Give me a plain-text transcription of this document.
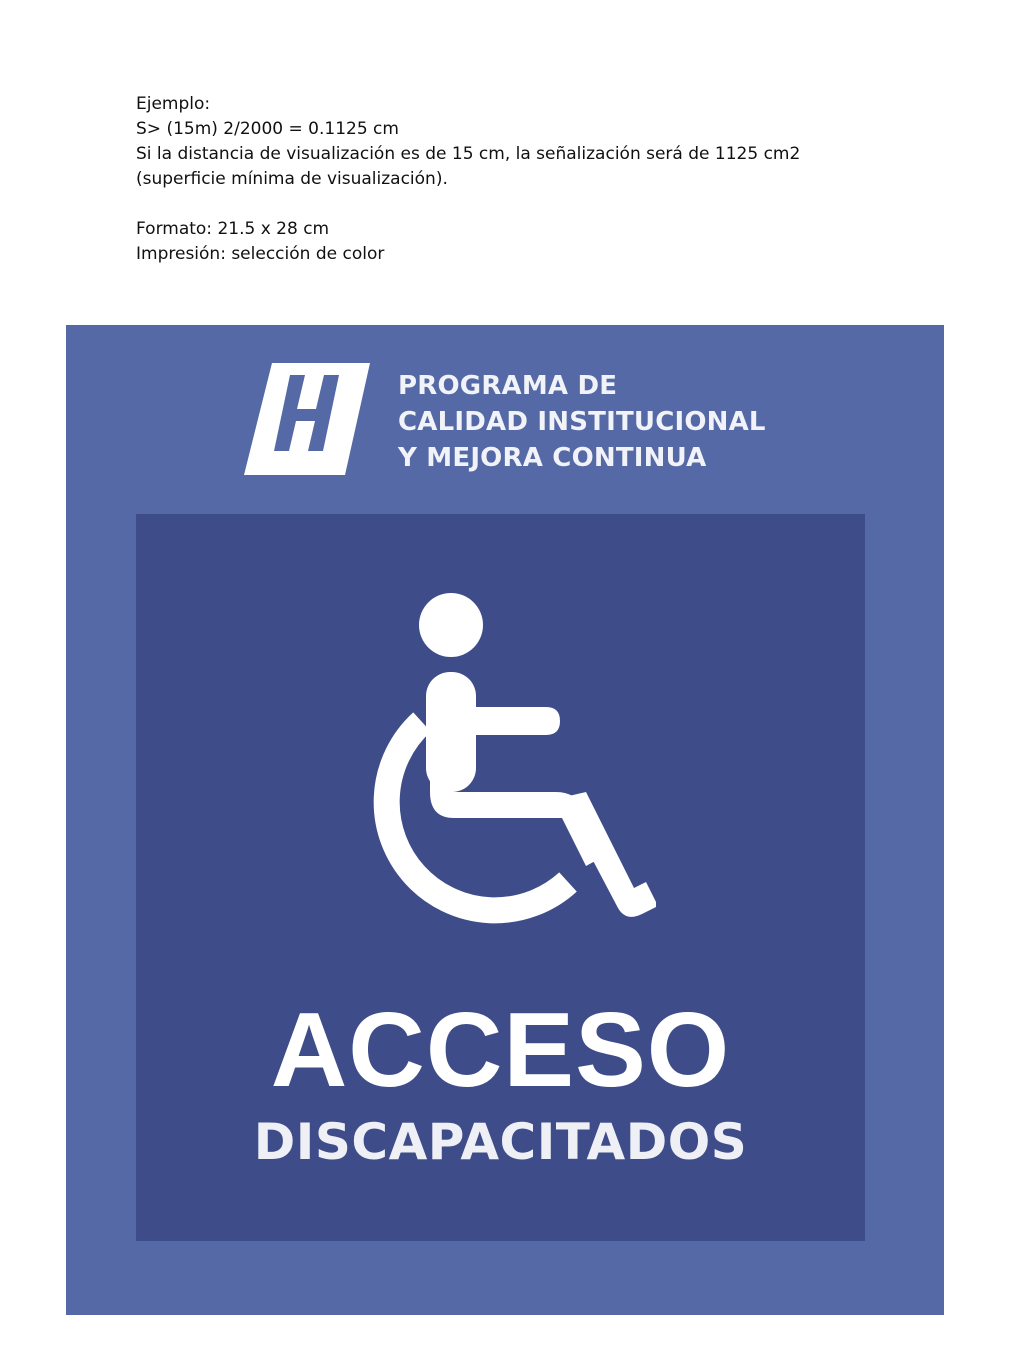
Ejemplo:
S> (15m) 2/2000 = 0.1125 cm
Si la distancia de visualización es de 15 cm, la señalización será de 1125 cm2
(superficie mínima de visualización).
Formato: 21.5 x 28 cm
Impresión: selección de color
PROGRAMA DE
CALIDAD INSTITUCIONAL
Y MEJORA CONTINUA
ACCESO
DISCAPACITADOS
